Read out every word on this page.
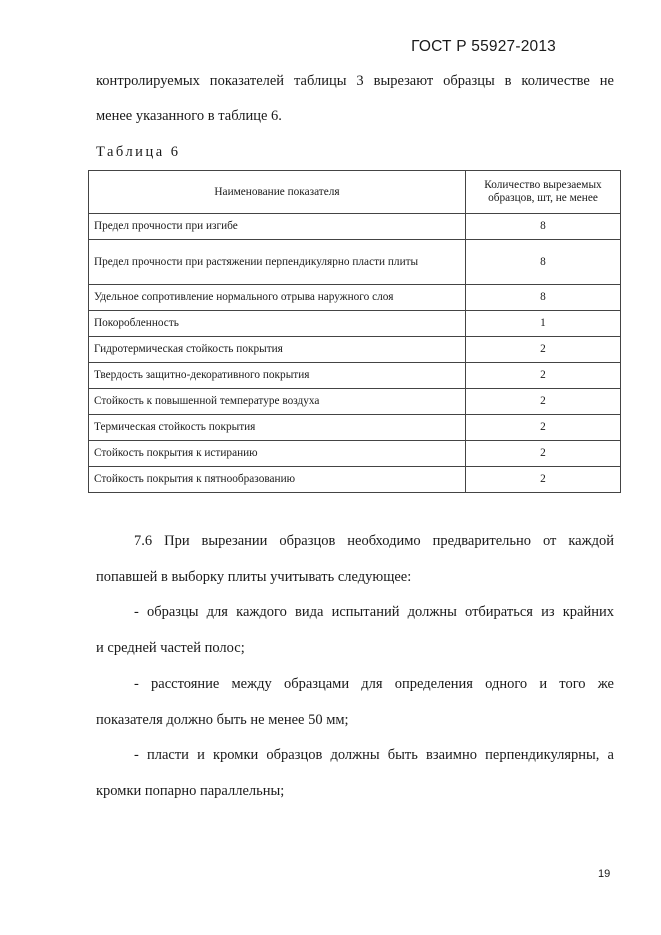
ГОСТ Р 55927-2013
контролируемых показателей таблицы 3 вырезают образцы в количестве не
менее указанного в таблице 6.
Таблица 6
Наименование показателя	Количество вырезаемых образцов, шт, не менее
Предел прочности при изгибе	8
Предел прочности при растяжении перпендикулярно пласти плиты	8
Удельное сопротивление нормального отрыва наружного слоя	8
Покоробленность	1
Гидротермическая стойкость покрытия	2
Твердость защитно-декоративного покрытия	2
Стойкость к повышенной температуре воздуха	2
Термическая стойкость покрытия	2
Стойкость покрытия к истиранию	2
Стойкость покрытия к пятнообразованию	2
7.6 При вырезании образцов необходимо предварительно от каждой
попавшей в выборку плиты учитывать следующее:
- образцы для каждого вида испытаний должны отбираться из крайних
и средней частей полос;
- расстояние между образцами для определения одного и того же
показателя должно быть не менее 50 мм;
- пласти и кромки образцов должны быть взаимно перпендикулярны, а
кромки попарно параллельны;
19
